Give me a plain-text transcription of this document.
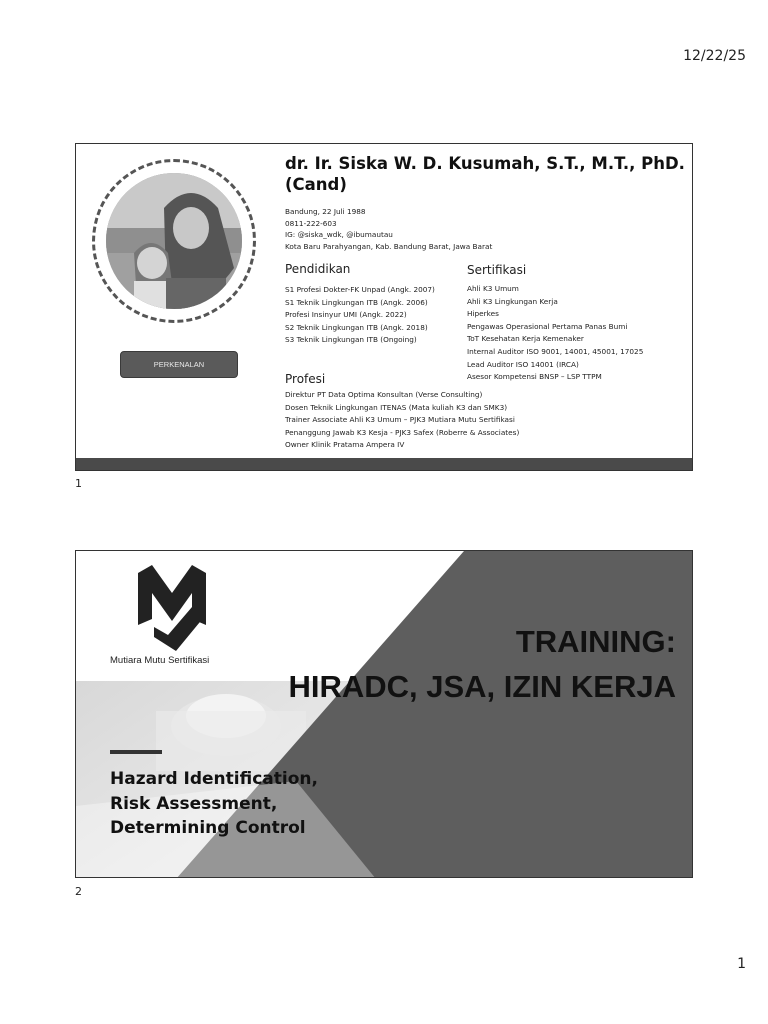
12/22/25
PERKENALAN
dr. Ir. Siska W. D. Kusumah, S.T., M.T., PhD. (Cand)
Bandung, 22 Juli 1988
0811-222-603
IG: @siska_wdk, @ibumautau
Kota Baru Parahyangan, Kab. Bandung Barat, Jawa Barat
Pendidikan
S1 Profesi Dokter-FK Unpad (Angk. 2007)
S1 Teknik Lingkungan ITB (Angk. 2006)
Profesi Insinyur UMI (Angk. 2022)
S2 Teknik Lingkungan ITB (Angk. 2018)
S3 Teknik Lingkungan ITB (Ongoing)
Sertifikasi
Ahli K3 Umum
Ahli K3 Lingkungan Kerja
Hiperkes
Pengawas Operasional Pertama Panas Bumi
ToT Kesehatan Kerja Kemenaker
Internal Auditor ISO 9001, 14001, 45001, 17025
Lead Auditor ISO 14001 (IRCA)
Asesor Kompetensi BNSP – LSP TTPM
Profesi
Direktur PT Data Optima Konsultan (Verse Consulting)
Dosen Teknik Lingkungan ITENAS (Mata kuliah K3 dan SMK3)
Trainer Associate Ahli K3 Umum – PJK3 Mutiara Mutu Sertifikasi
Penanggung Jawab K3 Kesja - PJK3 Safex (Roberre & Associates)
Owner Klinik Pratama Ampera IV
1
Mutiara Mutu Sertifikasi
TRAINING:
HIRADC, JSA, IZIN KERJA
Hazard Identification,
Risk Assessment,
Determining Control
2
1
